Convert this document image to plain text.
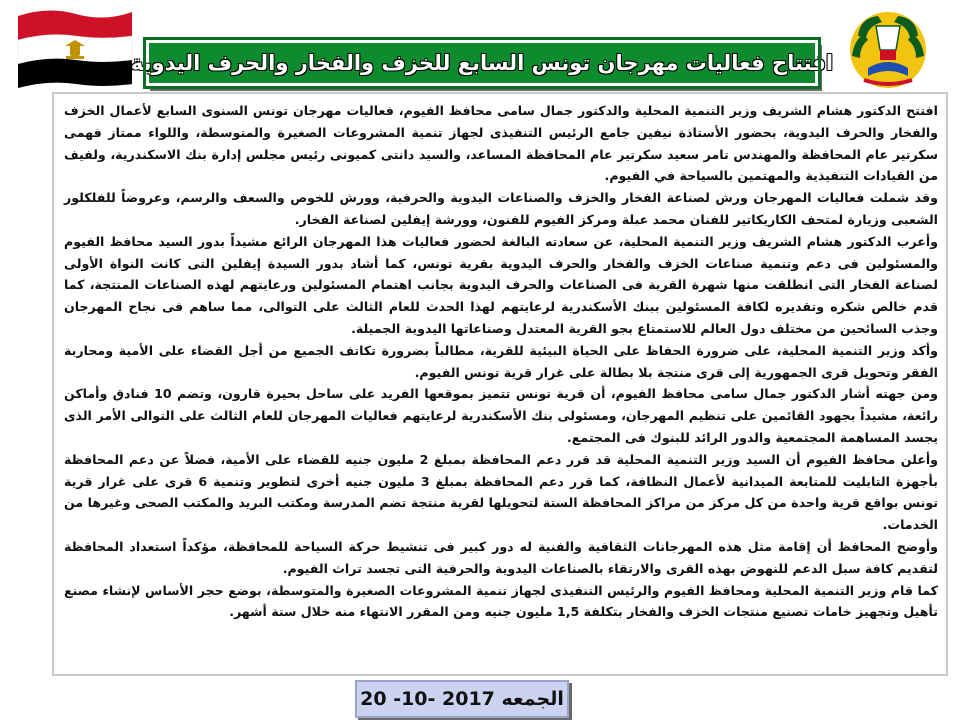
افتتاح فعاليات مهرجان تونس السابع للخزف والفخار والحرف اليدوية

افتتح الدكتور هشام الشريف وزير التنمية المحلية والدكتور جمال سامى محافظ الفيوم، فعاليات مهرجان تونس السنوى السابع لأعمال الخزف والفخار والحرف اليدوية، بحضور الأستاذة نيفين جامع الرئيس التنفيذى لجهاز تنمية المشروعات الصغيرة والمتوسطة، واللواء ممتاز فهمى سكرتير عام المحافظة والمهندس تامر سعيد سكرتير عام المحافظة المساعد، والسيد دانتى كميونى رئيس مجلس إدارة بنك الاسكندرية، ولفيف من القيادات التنفيذية والمهتمين بالسياحة في الفيوم.

وقد شملت فعاليات المهرجان ورش لصناعة الفخار والخزف والصناعات اليدوية والحرفية، وورش للخوص والسعف والرسم، وعروضاً للفلكلور الشعبى وزيارة لمتحف الكاريكاتير للفنان محمد عبلة ومركز الفيوم للفنون، وورشة إيفلين لصناعة الفخار.

وأعرب الدكتور هشام الشريف وزير التنمية المحلية، عن سعادته البالغة لحضور فعاليات هذا المهرجان الرائع مشيداً بدور السيد محافظ الفيوم والمسئولين فى دعم وتنمية صناعات الخزف والفخار والحرف اليدوية بقرية تونس، كما أشاد بدور السيدة إيفلين التى كانت النواة الأولى لصناعة الفخار التى انطلقت منها شهرة القرية فى الصناعات والحرف اليدوية بجانب اهتمام المسئولين ورعايتهم لهذه الصناعات المنتجة، كما قدم خالص شكره وتقديره لكافة المسئولين ببنك الأسكندرية لرعايتهم لهذا الحدث للعام الثالث على التوالى، مما ساهم فى نجاح المهرجان وجذب السائحين من مختلف دول العالم للاستمتاع بجو القرية المعتدل وصناعاتها اليدوية الجميلة.

وأكد وزير التنمية المحلية، على ضرورة الحفاظ على الحياة البيئية للقرية، مطالباً بضرورة تكاتف الجميع من أجل القضاء على الأمية ومحاربة الفقر وتحويل قرى الجمهورية إلى قرى منتجة بلا بطالة على غرار قرية تونس الفيوم.

ومن جهته أشار الدكتور جمال سامى محافظ الفيوم، أن قرية تونس تتميز بموقعها الفريد على ساحل بحيرة قارون، وتضم 10 فنادق وأماكن رائعة، مشيداً بجهود القائمين على تنظيم المهرجان، ومسئولى بنك الأسكندرية لرعايتهم فعاليات المهرجان للعام الثالث على التوالى الأمر الذى يجسد المساهمة المجتمعية والدور الرائد للبنوك فى المجتمع.

وأعلن محافظ الفيوم أن السيد وزير التنمية المحلية قد قرر دعم المحافظة بمبلغ 2 مليون جنيه للقضاء على الأمية، فضلاً عن دعم المحافظة بأجهزة التابليت للمتابعة الميدانية لأعمال النظافة، كما قرر دعم المحافظة بمبلغ 3 مليون جنيه أخرى لتطوير وتنمية 6 قرى على غرار قرية تونس بواقع قرية واحدة من كل مركز من مراكز المحافظة الستة لتحويلها لقرية منتجة تضم المدرسة ومكتب البريد والمكتب الصحى وغيرها من الخدمات.

وأوضح المحافظ أن إقامة مثل هذه المهرجانات الثقافية والفنية له دور كبير فى تنشيط حركة السياحة للمحافظة، مؤكداً استعداد المحافظة لتقديم كافة سبل الدعم للنهوض بهذه القرى والارتقاء بالصناعات اليدوية والحرفية التى تجسد تراث الفيوم.

كما قام وزير التنمية المحلية ومحافظ الفيوم والرئيس التنفيذى لجهاز تنمية المشروعات الصغيرة والمتوسطة، بوضع حجر الأساس لإنشاء مصنع تأهيل وتجهيز خامات تصنيع منتجات الخزف والفخار بتكلفة 1,5 مليون جنيه ومن المقرر الانتهاء منه خلال ستة أشهر.

الجمعه

20 -10- 2017
